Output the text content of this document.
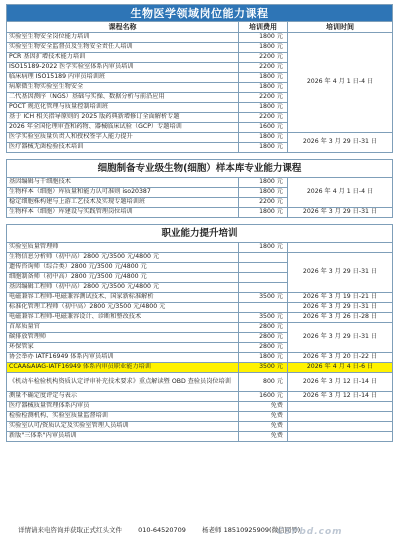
生物医学领域岗位能力课程		
课程名称	培训费用	培训时间
实验室生物安全岗位能力培训	1800 元	2026 年 4 月 1 日-4 日
实验室生物安全监督员及生物安全责任人培训	1800 元	
PCR 基因扩增技术能力培训	2200 元	
ISO15189-2022 医学实验室体系内审员培训	2200 元	
临床病理 ISO15189 内审员培训班	1800 元	
病原微生物实验室生物安全	1800 元	
二代基因测序（NGS）基础与实操、数据分析与前沿应用	2200 元	
POCT 规范化管理与质量控制培训班	1800 元	
基于 ICH 相关指导原则的 2025 版药典新增修订全面解析专题	2200 元	
2026 年全国伦理审查和药物、器械临床试验（GCP）专题培训	1600 元	
医学实验室质量负责人和授权签字人能力提升	1800 元	2026 年 3 月 29 日-31 日
医疗器械无菌检验技术培训	1800 元	

细胞制备专业级生物(细胞）样本库专业能力课程		
基因编辑与干细胞技术	1800 元	2026 年 4 月 1 日-4 日
生物样本（细胞）库质量和能力认可准则 iso20387	1800 元	
稳定细胞株构建与上游工艺技术及实现专题培训班	2200 元	
生物样本（细胞）库建设与实践管理岗位培训	1800 元	2026 年 3 月 29 日-31 日

职业能力提升培训		
实验室质量管理师	1800 元	
生物信息分析师（初中高）2800 元/3500 元/4800 元		2026 年 3 月 29 日-31 日
遗传咨询师（综合类）2800 元/3500 元/4800 元		
细胞制备师（初中高）2800 元/3500 元/4800 元		
基因编辑工程师（初中高）2800 元/3500 元/4800 元		
电磁兼容工程师-电磁兼容测试技术、国家新标准解析	3500 元	2026 年 3 月 19 日-21 日
标准化管理工程师（初中高）2800 元/3500 元/4800 元		2026 年 3 月 29 日-31 日
电磁兼容工程师-电磁兼容设计、诊断和整改技术	3500 元	2026 年 3 月 26 日-28 日
首席质量官	2800 元	2026 年 3 月 29 日-31 日
碳排放管理师	2800 元	
环保管家	2800 元	
协会举办 IATF16949 体系内审员培训	1800 元	2026 年 3 月 20 日-22 日
CCAA&AIAG-IATF16949 体系内审员职业能力培训	3500 元	2026 年 4 月 4 日-6 日
《机动车检验机构资质认定评审补充技术要求》重点解读暨 OBD 查验员岗位培训	800 元	2026 年 3 月 12 日-14 日
测量不确定度评定与表示	1600 元	2026 年 3 月 12 日-14 日
医疗器械质量管理体系内审员	免费	
检验检测机构、实验室质量监督培训	免费	
实验室认可/资质认定及实验室管理人员培训	免费	
新版"三体系"内审员培训	免费	
详情请来电咨询并获取正式红头文件 010-64520709 杨老师 18510925909(微信同号)
CSPbd.com
